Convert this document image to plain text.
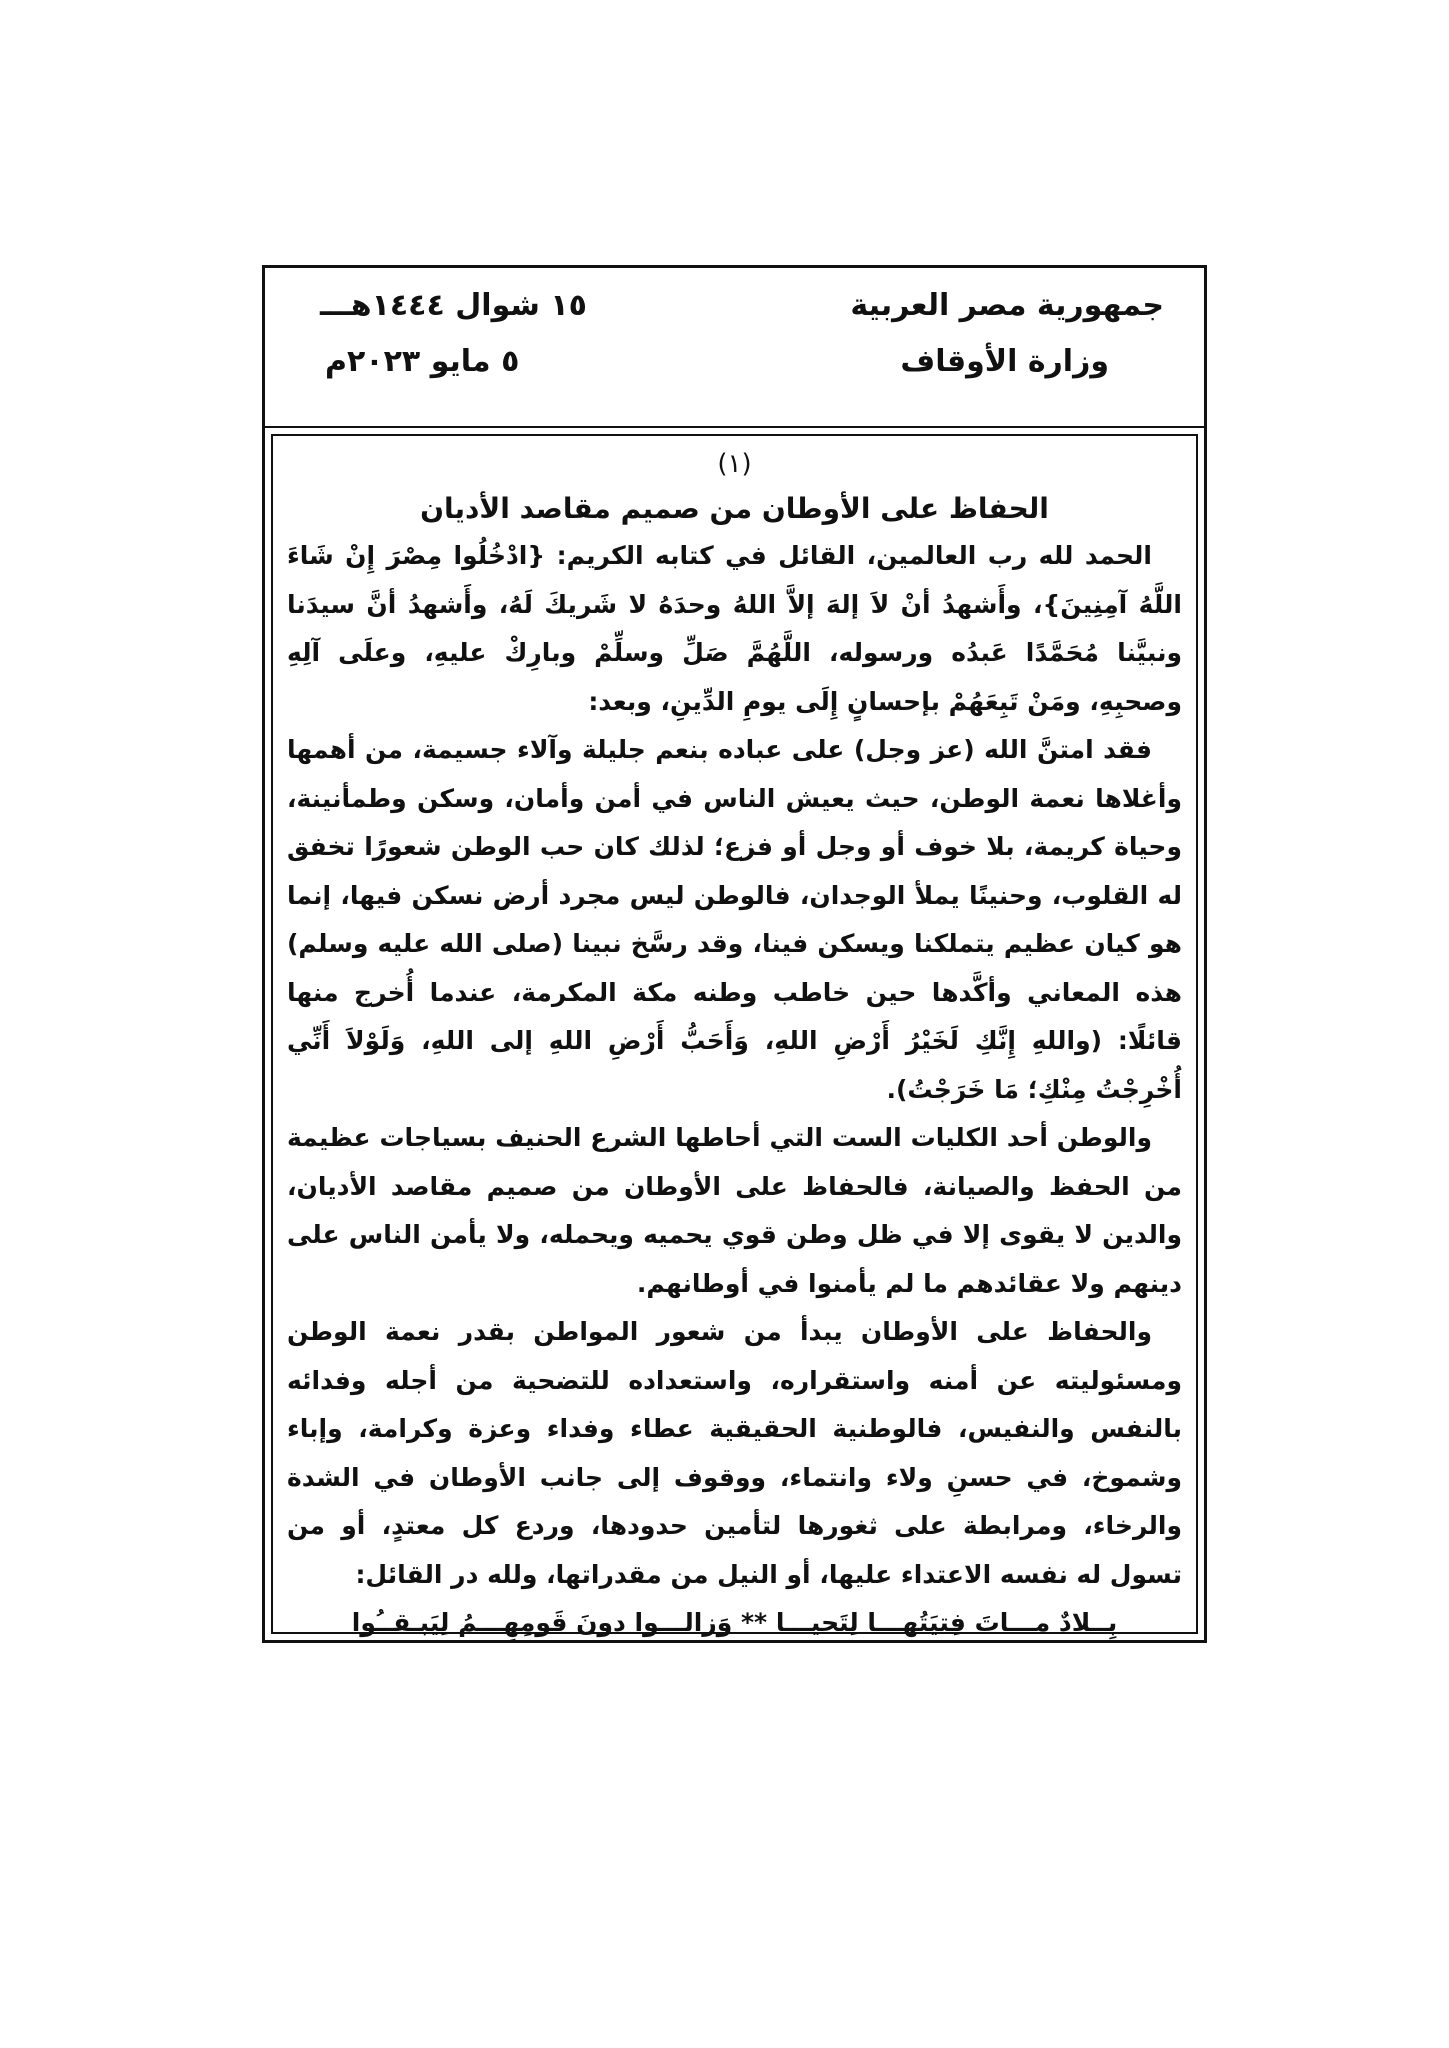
جمهورية مصر العربية
وزارة الأوقاف
١٥ شوال ١٤٤٤هـــ
٥ مايو ٢٠٢٣م
(١)
الحفاظ على الأوطان من صميم مقاصد الأديان

الحمد لله رب العالمين، القائل في كتابه الكريم: {ادْخُلُوا مِصْرَ إِنْ شَاءَ اللَّهُ آمِنِينَ}، وأَشهدُ أنْ لاَ إلهَ إلاَّ اللهُ وحدَهُ لا شَريكَ لَهُ، وأَشهدُ أنَّ سيدَنا ونبيَّنا مُحَمَّدًا عَبدُه ورسوله، اللَّهُمَّ صَلِّ وسلِّمْ وبارِكْ عليهِ، وعلَى آلِهِ وصحبِهِ، ومَنْ تَبِعَهُمْ بإحسانٍ إِلَى يومِ الدِّينِ، وبعد:

فقد امتنَّ الله (عز وجل) على عباده بنعم جليلة وآلاء جسيمة، من أهمها وأغلاها نعمة الوطن، حيث يعيش الناس في أمن وأمان، وسكن وطمأنينة، وحياة كريمة، بلا خوف أو وجل أو فزع؛ لذلك كان حب الوطن شعورًا تخفق له القلوب، وحنينًا يملأ الوجدان، فالوطن ليس مجرد أرض نسكن فيها، إنما هو كيان عظيم يتملكنا ويسكن فينا، وقد رسَّخ نبينا (صلى الله عليه وسلم) هذه المعاني وأكَّدها حين خاطب وطنه مكة المكرمة، عندما أُخرج منها قائلًا: (واللهِ إِنَّكِ لَخَيْرُ أَرْضِ اللهِ، وَأَحَبُّ أَرْضِ اللهِ إلى اللهِ، وَلَوْلاَ أَنِّي أُخْرِجْتُ مِنْكِ؛ مَا خَرَجْتُ).

والوطن أحد الكليات الست التي أحاطها الشرع الحنيف بسياجات عظيمة من الحفظ والصيانة، فالحفاظ على الأوطان من صميم مقاصد الأديان، والدين لا يقوى إلا في ظل وطن قوي يحميه ويحمله، ولا يأمن الناس على دينهم ولا عقائدهم ما لم يأمنوا في أوطانهم.

والحفاظ على الأوطان يبدأ من شعور المواطن بقدر نعمة الوطن ومسئوليته عن أمنه واستقراره، واستعداده للتضحية من أجله وفدائه بالنفس والنفيس، فالوطنية الحقيقية عطاء وفداء وعزة وكرامة، وإباء وشموخ، في حسنِ ولاء وانتماء، ووقوف إلى جانب الأوطان في الشدة والرخاء، ومرابطة على ثغورها لتأمين حدودها، وردع كل معتدٍ، أو من تسول له نفسه الاعتداء عليها، أو النيل من مقدراتها، ولله در القائل:

بِــلادٌ مـــاتَ فِتيَتُهـــا لِتَحيـــا ** وَزالـــوا دونَ قَومِهِـــمُ لِيَبـقــُوا
